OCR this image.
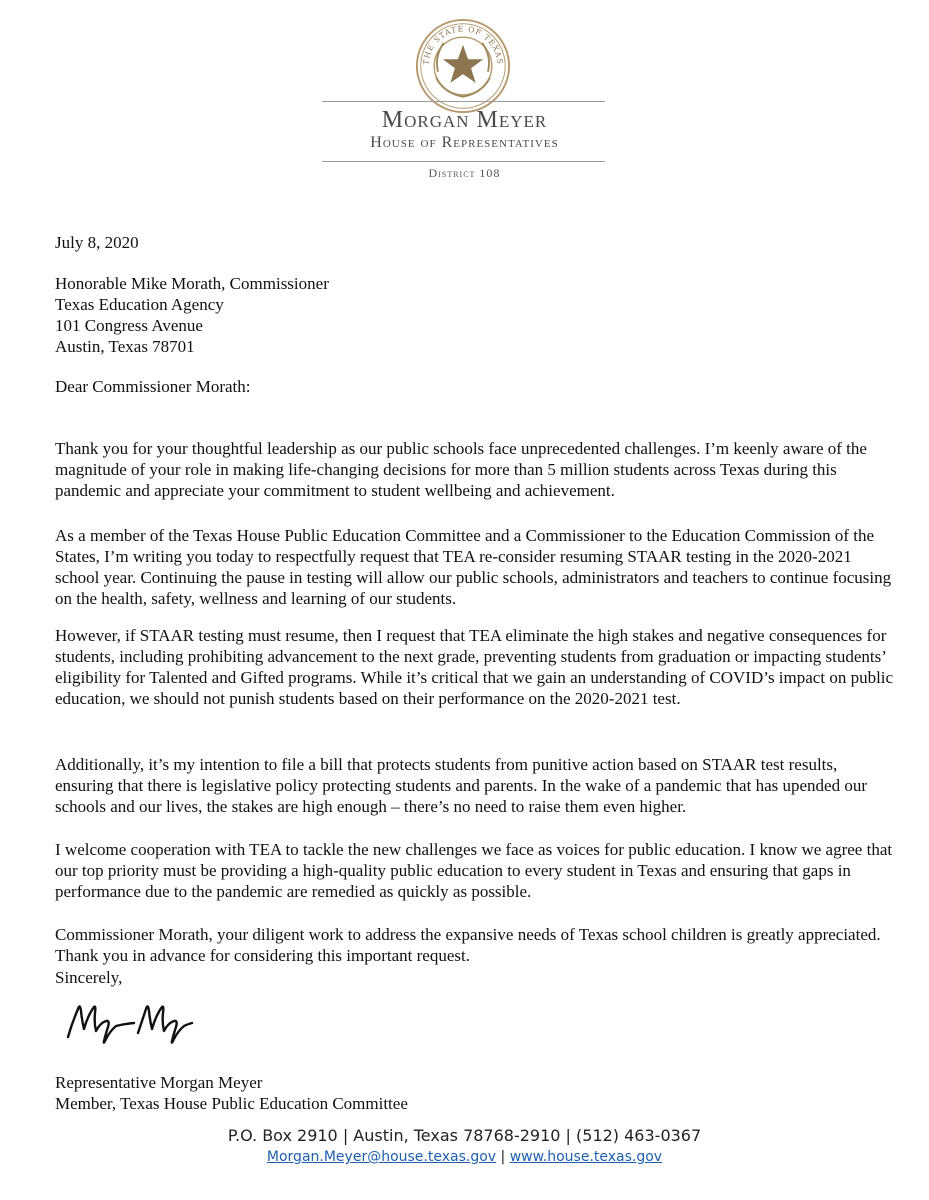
THE STATE OF TEXAS
Morgan Meyer
House of Representatives
District 108
July 8, 2020
Honorable Mike Morath, Commissioner
Texas Education Agency
101 Congress Avenue
Austin, Texas 78701
Dear Commissioner Morath:

Thank you for your thoughtful leadership as our public schools face unprecedented challenges. I’m keenly aware of the magnitude of your role in making life-changing decisions for more than 5 million students across Texas during this pandemic and appreciate your commitment to student wellbeing and achievement.

As a member of the Texas House Public Education Committee and a Commissioner to the Education Commission of the States, I’m writing you today to respectfully request that TEA re-consider resuming STAAR testing in the 2020-2021 school year. Continuing the pause in testing will allow our public schools, administrators and teachers to continue focusing on the health, safety, wellness and learning of our students.

However, if STAAR testing must resume, then I request that TEA eliminate the high stakes and negative consequences for students, including prohibiting advancement to the next grade, preventing students from graduation or impacting students’ eligibility for Talented and Gifted programs. While it’s critical that we gain an understanding of COVID’s impact on public education, we should not punish students based on their performance on the 2020-2021 test.

Additionally, it’s my intention to file a bill that protects students from punitive action based on STAAR test results, ensuring that there is legislative policy protecting students and parents. In the wake of a pandemic that has upended our schools and our lives, the stakes are high enough – there’s no need to raise them even higher.

I welcome cooperation with TEA to tackle the new challenges we face as voices for public education. I know we agree that our top priority must be providing a high-quality public education to every student in Texas and ensuring that gaps in performance due to the pandemic are remedied as quickly as possible.

Commissioner Morath, your diligent work to address the expansive needs of Texas school children is greatly appreciated. Thank you in advance for considering this important request.

Sincerely,
Representative Morgan Meyer
Member, Texas House Public Education Committee
P.O. Box 2910 | Austin, Texas 78768-2910 | (512) 463-0367
Morgan.Meyer@house.texas.gov | www.house.texas.gov
